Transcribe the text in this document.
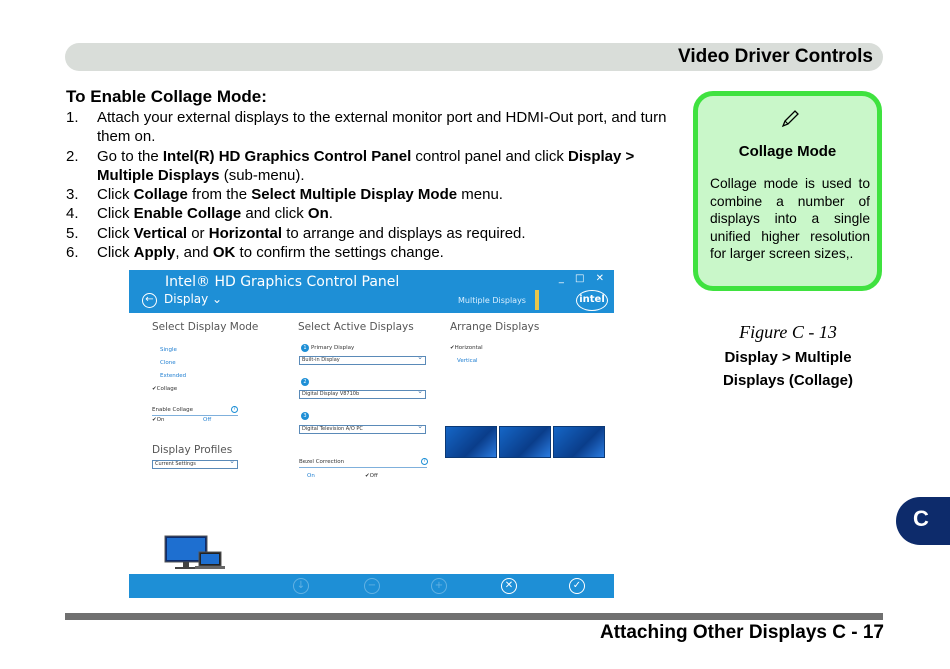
Video Driver Controls
To Enable Collage Mode:
1. Attach your external displays to the external monitor port and HDMI-Out port, and turn them on.
2. Go to the Intel(R) HD Graphics Control Panel control panel and click Display > Multiple Displays (sub-menu).
3. Click Collage from the Select Multiple Display Mode menu.
4. Click Enable Collage and click On.
5. Click Vertical or Horizontal to arrange and displays as required.
6. Click Apply, and OK to confirm the settings change.
Collage Mode
Collage mode is used to combine a number of displays into a single unified higher resolution for larger screen sizes,.
Figure C - 13
Display > Multiple Displays (Collage)
C
Attaching Other Displays C - 17
Intel® HD Graphics Control Panel	_ □ ✕
← Display ⌄	Multiple Displays	intel
Select Display Mode
Single
Clone
Extended
✔Collage
Enable Collage	?
✔On	Off
Display Profiles
Current Settings ⌄
Select Active Displays
1 Primary Display
Built-in Display ⌄
2
Digital Display V8710b ⌄
3
Digital Television A/O PC ⌄
Bezel Correction	?
On	✔Off
Arrange Displays
✔Horizontal
Vertical
↓	−	+	✕	✓
